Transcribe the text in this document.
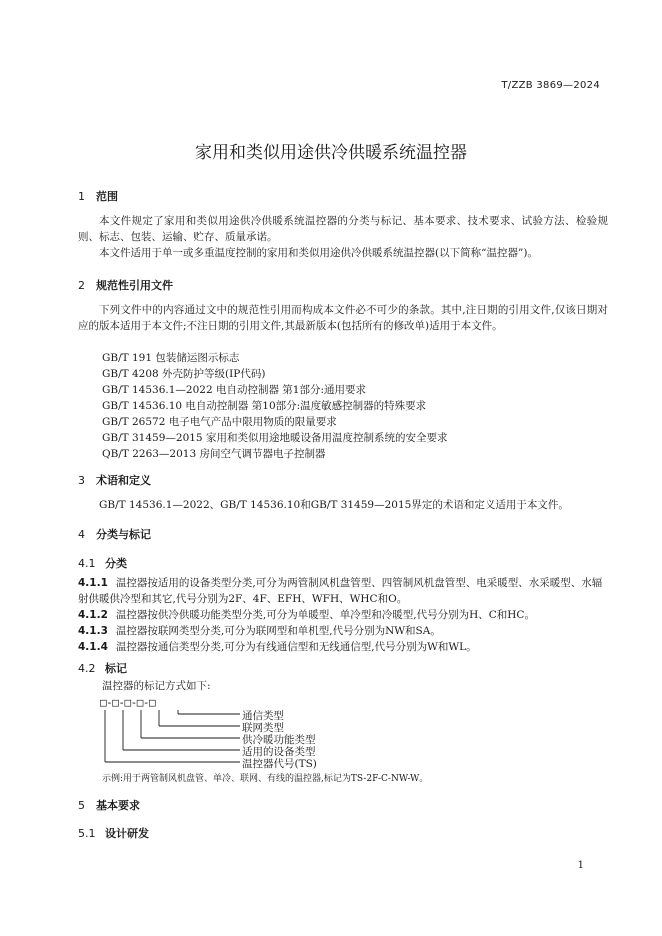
T/ZZB 3869—2024
家用和类似用途供冷供暖系统温控器
1 范围
本文件规定了家用和类似用途供冷供暖系统温控器的分类与标记、基本要求、技术要求、试验方法、检验规则、标志、包装、运输、贮存、质量承诺。
本文件适用于单一或多重温度控制的家用和类似用途供冷供暖系统温控器(以下简称“温控器”)。
2 规范性引用文件
下列文件中的内容通过文中的规范性引用而构成本文件必不可少的条款。其中,注日期的引用文件,仅该日期对应的版本适用于本文件;不注日期的引用文件,其最新版本(包括所有的修改单)适用于本文件。
GB/T 191 包装储运图示标志
GB/T 4208 外壳防护等级(IP代码)
GB/T 14536.1—2022 电自动控制器 第1部分:通用要求
GB/T 14536.10 电自动控制器 第10部分:温度敏感控制器的特殊要求
GB/T 26572 电子电气产品中限用物质的限量要求
GB/T 31459—2015 家用和类似用途地暖设备用温度控制系统的安全要求
QB/T 2263—2013 房间空气调节器电子控制器
3 术语和定义
GB/T 14536.1—2022、GB/T 14536.10和GB/T 31459—2015界定的术语和定义适用于本文件。
4 分类与标记
4.1 分类
4.1.1 温控器按适用的设备类型分类,可分为两管制风机盘管型、四管制风机盘管型、电采暖型、水采暖型、水辐射供暖供冷型和其它,代号分别为2F、4F、EFH、WFH、WHC和O。
4.1.2 温控器按供冷供暖功能类型分类,可分为单暖型、单冷型和冷暖型,代号分别为H、C和HC。
4.1.3 温控器按联网类型分类,可分为联网型和单机型,代号分别为NW和SA。
4.1.4 温控器按通信类型分类,可分为有线通信型和无线通信型,代号分别为W和WL。
4.2 标记
温控器的标记方式如下:
□-□-□-□-□
通信类型
联网类型
供冷暖功能类型
适用的设备类型
温控器代号(TS)
示例:用于两管制风机盘管、单冷、联网、有线的温控器,标记为TS-2F-C-NW-W。
5 基本要求
5.1 设计研发
1
